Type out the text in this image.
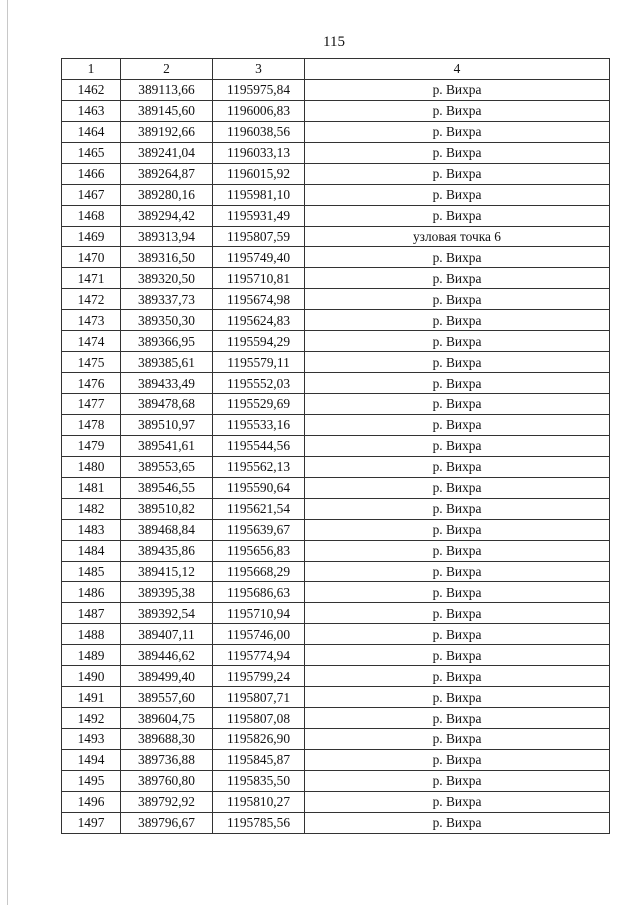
115
1	2	3	4
1462	389113,66	1195975,84	р. Вихра
1463	389145,60	1196006,83	р. Вихра
1464	389192,66	1196038,56	р. Вихра
1465	389241,04	1196033,13	р. Вихра
1466	389264,87	1196015,92	р. Вихра
1467	389280,16	1195981,10	р. Вихра
1468	389294,42	1195931,49	р. Вихра
1469	389313,94	1195807,59	узловая точка 6
1470	389316,50	1195749,40	р. Вихра
1471	389320,50	1195710,81	р. Вихра
1472	389337,73	1195674,98	р. Вихра
1473	389350,30	1195624,83	р. Вихра
1474	389366,95	1195594,29	р. Вихра
1475	389385,61	1195579,11	р. Вихра
1476	389433,49	1195552,03	р. Вихра
1477	389478,68	1195529,69	р. Вихра
1478	389510,97	1195533,16	р. Вихра
1479	389541,61	1195544,56	р. Вихра
1480	389553,65	1195562,13	р. Вихра
1481	389546,55	1195590,64	р. Вихра
1482	389510,82	1195621,54	р. Вихра
1483	389468,84	1195639,67	р. Вихра
1484	389435,86	1195656,83	р. Вихра
1485	389415,12	1195668,29	р. Вихра
1486	389395,38	1195686,63	р. Вихра
1487	389392,54	1195710,94	р. Вихра
1488	389407,11	1195746,00	р. Вихра
1489	389446,62	1195774,94	р. Вихра
1490	389499,40	1195799,24	р. Вихра
1491	389557,60	1195807,71	р. Вихра
1492	389604,75	1195807,08	р. Вихра
1493	389688,30	1195826,90	р. Вихра
1494	389736,88	1195845,87	р. Вихра
1495	389760,80	1195835,50	р. Вихра
1496	389792,92	1195810,27	р. Вихра
1497	389796,67	1195785,56	р. Вихра
